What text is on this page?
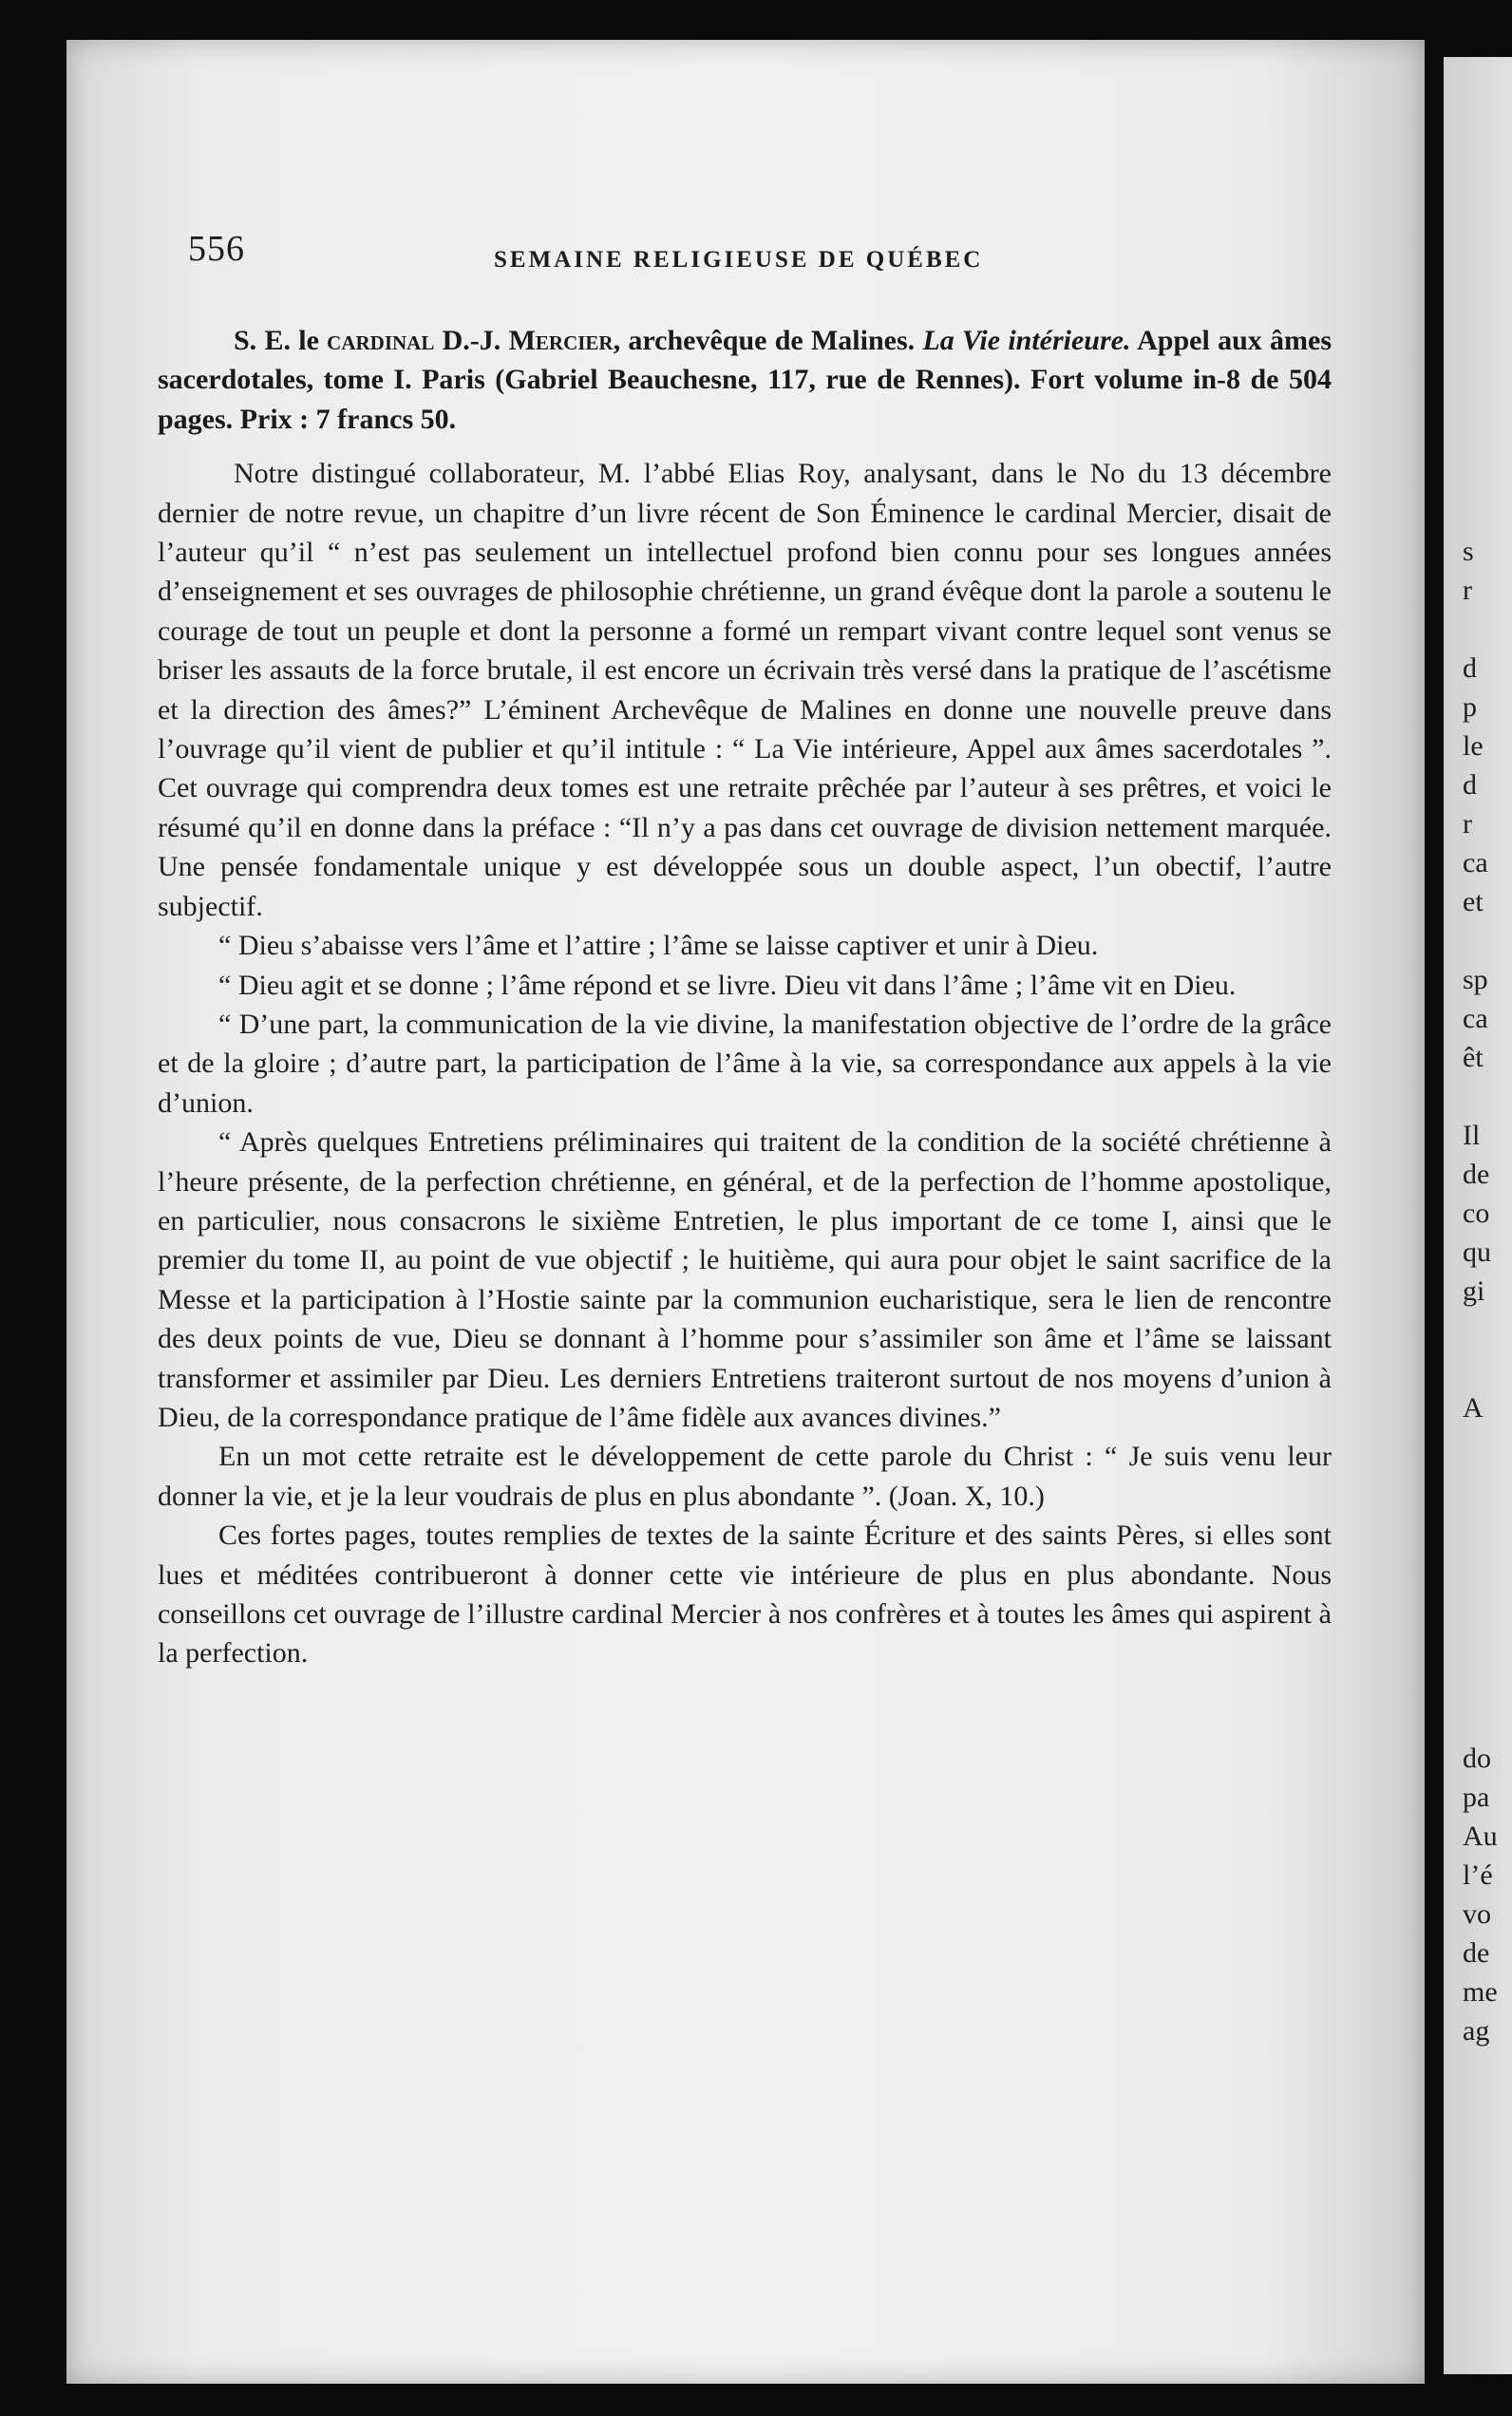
556	SEMAINE RELIGIEUSE DE QUÉBEC

S. E. le cardinal D.-J. Mercier, archevêque de Malines. La Vie intérieure. Appel aux âmes sacerdotales, tome I. Paris (Gabriel Beauchesne, 117, rue de Rennes). Fort volume in-8 de 504 pages. Prix : 7 francs 50.

Notre distingué collaborateur, M. l’abbé Elias Roy, analysant, dans le No du 13 décembre dernier de notre revue, un chapitre d’un livre récent de Son Éminence le cardinal Mercier, disait de l’auteur qu’il “ n’est pas seulement un intellectuel profond bien connu pour ses longues années d’enseignement et ses ouvrages de philosophie chrétienne, un grand évêque dont la parole a soutenu le courage de tout un peuple et dont la personne a formé un rempart vivant contre lequel sont venus se briser les assauts de la force brutale, il est encore un écrivain très versé dans la pratique de l’ascétisme et la direction des âmes?” L’éminent Archevêque de Malines en donne une nouvelle preuve dans l’ouvrage qu’il vient de publier et qu’il intitule : “ La Vie intérieure, Appel aux âmes sacerdotales ”. Cet ouvrage qui comprendra deux tomes est une retraite prêchée par l’auteur à ses prêtres, et voici le résumé qu’il en donne dans la préface : “Il n’y a pas dans cet ouvrage de division nettement marquée. Une pensée fondamentale unique y est développée sous un double aspect, l’un obectif, l’autre subjectif.

“ Dieu s’abaisse vers l’âme et l’attire ; l’âme se laisse captiver et unir à Dieu.

“ Dieu agit et se donne ; l’âme répond et se livre. Dieu vit dans l’âme ; l’âme vit en Dieu.

“ D’une part, la communication de la vie divine, la manifestation objective de l’ordre de la grâce et de la gloire ; d’autre part, la participation de l’âme à la vie, sa correspondance aux appels à la vie d’union.

“ Après quelques Entretiens préliminaires qui traitent de la condition de la société chrétienne à l’heure présente, de la perfection chrétienne, en général, et de la perfection de l’homme apostolique, en particulier, nous consacrons le sixième Entretien, le plus important de ce tome I, ainsi que le premier du tome II, au point de vue objectif ; le huitième, qui aura pour objet le saint sacrifice de la Messe et la participation à l’Hostie sainte par la communion eucharistique, sera le lien de rencontre des deux points de vue, Dieu se donnant à l’homme pour s’assimiler son âme et l’âme se laissant transformer et assimiler par Dieu. Les derniers Entretiens traiteront surtout de nos moyens d’union à Dieu, de la correspondance pratique de l’âme fidèle aux avances divines.”

En un mot cette retraite est le développement de cette parole du Christ : “ Je suis venu leur donner la vie, et je la leur voudrais de plus en plus abondante ”. (Joan. X, 10.)

Ces fortes pages, toutes remplies de textes de la sainte Écriture et des saints Pères, si elles sont lues et méditées contribueront à donner cette vie intérieure de plus en plus abondante. Nous conseillons cet ouvrage de l’illustre cardinal Mercier à nos confrères et à toutes les âmes qui aspirent à la perfection.

s
r
d
p
le
d
r
ca
et
sp
ca
êt
Il
de
co
qu
gi
A
do
pa
Au
l’é
vo
de
me
ag
